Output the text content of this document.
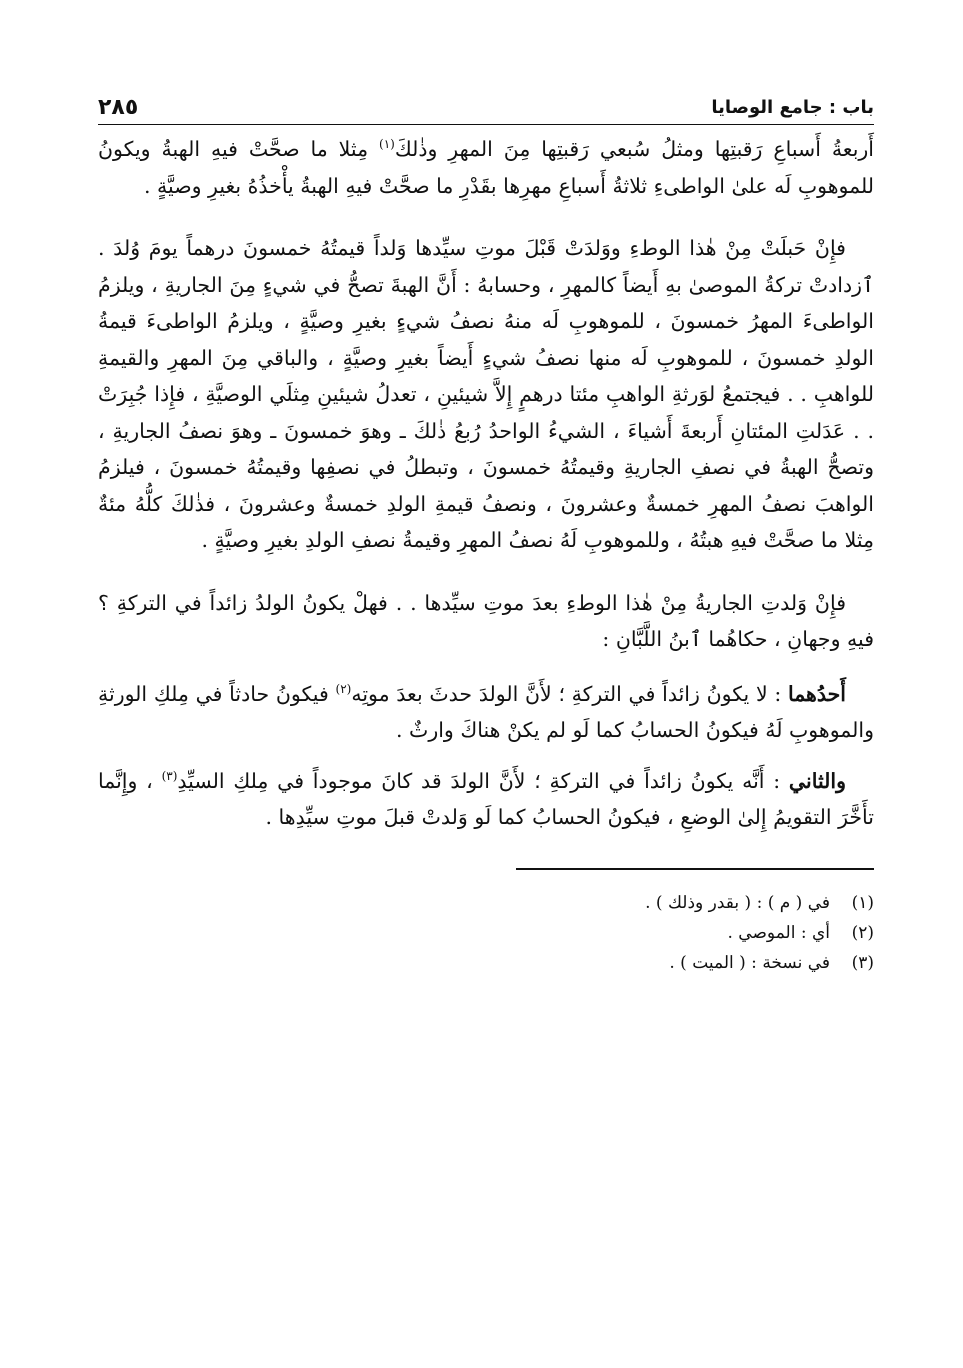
باب : جامع الوصايا
٢٨٥

أَربعةُ أَسباعِ رَقبتِها ومثلُ سُبعي رَقبتِها مِنَ المهرِ وذٰلكَ$^{(١)}$ مِثلا ما صحَّتْ فيهِ الهبةُ ويكونُ للموهوبِ لَه علىٰ الواطىءِ ثلاثةُ أَسباعِ مهرِها بقَدْرِ ما صحَّتْ فيهِ الهبةُ يأْخذُهُ بغيرِ وصيَّةٍ .

فإِنْ حَبلَتْ مِنْ هٰذا الوطءِ ووَلدَتْ قَبْلَ موتِ سيِّدها وَلداً قيمتُهُ خمسونَ درهماً يومَ وُلدَ . ٱزدادتْ تركةُ الموصىٰ بهِ أَيضاً كالمهرِ ، وحسابهُ : أَنَّ الهبةَ تصحُّ في شيءٍ مِنَ الجاريةِ ، ويلزمُ الواطىءَ المهرُ خمسونَ ، للموهوبِ لَه منهُ نصفُ شيءٍ بغيرِ وصيَّةٍ ، ويلزمُ الواطىءَ قيمةُ الولدِ خمسونَ ، للموهوبِ لَه منها نصفُ شيءٍ أَيضاً بغيرِ وصيَّةٍ ، والباقي مِنَ المهرِ والقيمةِ للواهبِ . . فيجتمعُ لوَرثةِ الواهبِ مئتا درهمٍ إِلاَّ شيئينِ ، تعدلُ شيئينِ مِثلَي الوصيَّةِ ، فإِذا جُبِرَتْ . . عَدَلتِ المئتانِ أَربعةَ أَشياءَ ، الشيءُ الواحدُ رُبعُ ذٰلكَ ـ وهوَ خمسونَ ـ وهوَ نصفُ الجاريةِ ، وتصحُّ الهبةُ في نصفِ الجاريةِ وقيمتُهُ خمسونَ ، وتبطلُ في نصفِها وقيمتُهُ خمسونَ ، فيلزمُ الواهبَ نصفُ المهرِ خمسةٌ وعشرونَ ، ونصفُ قيمةِ الولدِ خمسةٌ وعشرونَ ، فذٰلكَ كلُّهُ مئةٌ مِثلا ما صحَّتْ فيهِ هبتُهُ ، وللموهوبِ لَهُ نصفُ المهرِ وقيمةُ نصفِ الولدِ بغيرِ وصيَّةٍ .

فإِنْ وَلدتِ الجاريةُ مِنْ هٰذا الوطءِ بعدَ موتِ سيِّدها . . فهلْ يكونُ الولدُ زائداً في التركةِ ؟ فيهِ وجهانِ ، حكاهُما ٱبنُ اللَّبَّانِ :

أَحدُهما : لا يكونُ زائداً في التركةِ ؛ لأَنَّ الولدَ حدثَ بعدَ موتِه$^{(٢)}$ فيكونُ حادثاً في مِلكِ الورثةِ والموهوبِ لَهُ فيكونُ الحسابُ كما لَو لم يكنْ هناكَ وارثٌ .

والثاني : أَنَّه يكونُ زائداً في التركةِ ؛ لأَنَّ الولدَ قد كانَ موجوداً في مِلكِ السيِّدِ$^{(٣)}$ ، وإِنَّما تأَخَّرَ التقويمُ إِلىٰ الوضعِ ، فيكونُ الحسابُ كما لَو وَلدتْ قبلَ موتِ سيِّدِها .

(١)
في ( م ) : ( بقدر وذلك ) .
(٢)
أي : الموصي .
(٣)
في نسخة : ( الميت ) .
